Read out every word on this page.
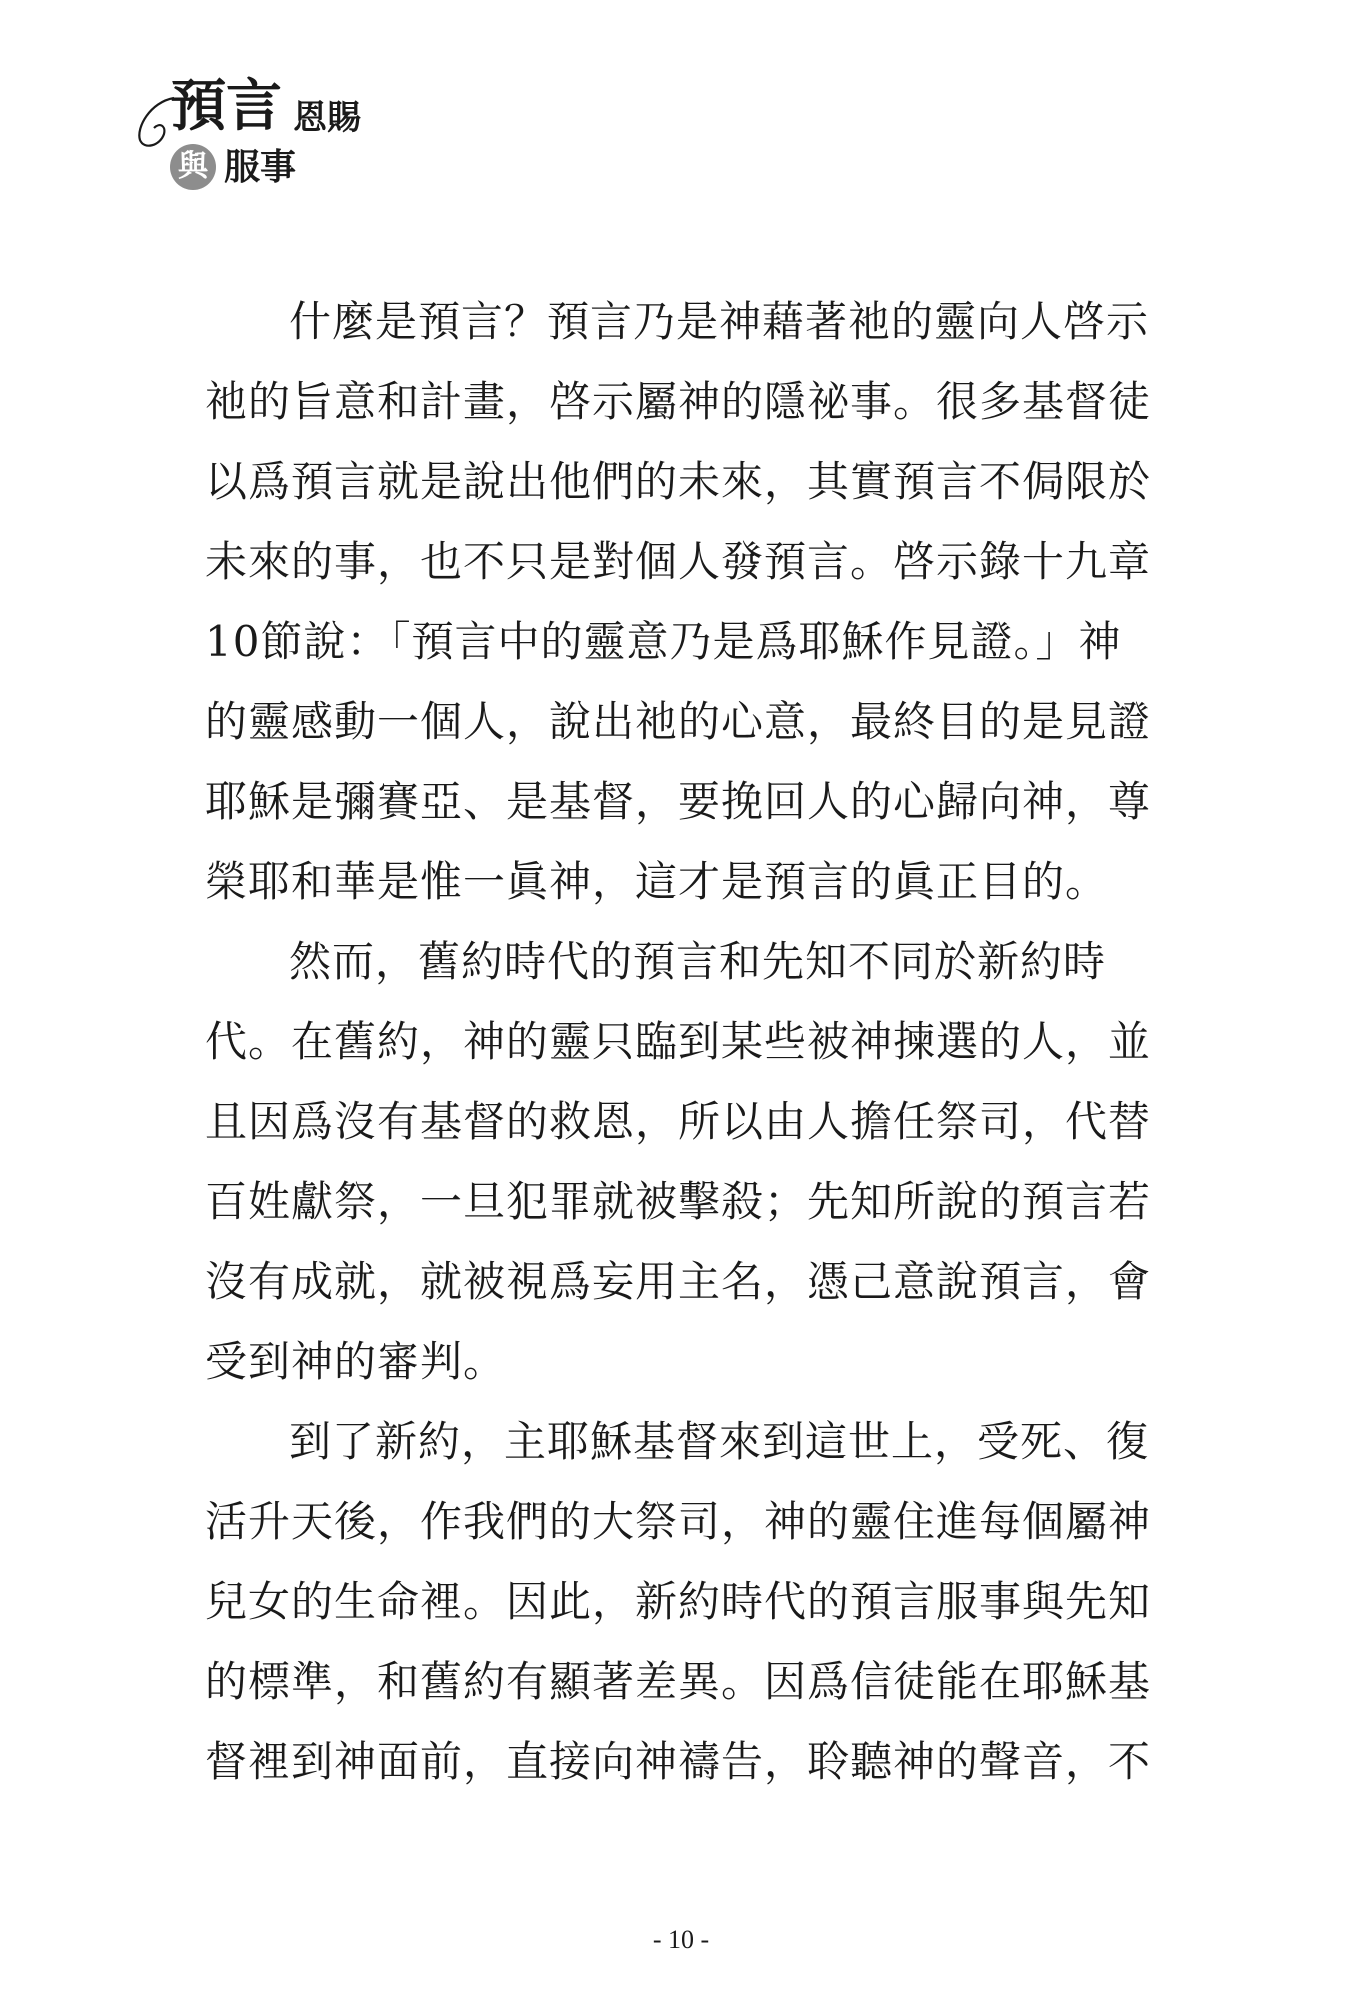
預言 恩賜
與 服事
什麼是預言？預言乃是神藉著祂的靈向人啓示
祂的旨意和計畫，啓示屬神的隱祕事。很多基督徒
以爲預言就是說出他們的未來，其實預言不侷限於
未來的事，也不只是對個人發預言。啓示錄十九章
10節說：「預言中的靈意乃是爲耶穌作見證。」神
的靈感動一個人，說出祂的心意，最終目的是見證
耶穌是彌賽亞、是基督，要挽回人的心歸向神，尊
榮耶和華是惟一眞神，這才是預言的眞正目的。
然而，舊約時代的預言和先知不同於新約時
代。在舊約，神的靈只臨到某些被神揀選的人，並
且因爲沒有基督的救恩，所以由人擔任祭司，代替
百姓獻祭，一旦犯罪就被擊殺；先知所說的預言若
沒有成就，就被視爲妄用主名，憑己意說預言，會
受到神的審判。
到了新約，主耶穌基督來到這世上，受死、復
活升天後，作我們的大祭司，神的靈住進每個屬神
兒女的生命裡。因此，新約時代的預言服事與先知
的標準，和舊約有顯著差異。因爲信徒能在耶穌基
督裡到神面前，直接向神禱告，聆聽神的聲音，不
- 10 -
